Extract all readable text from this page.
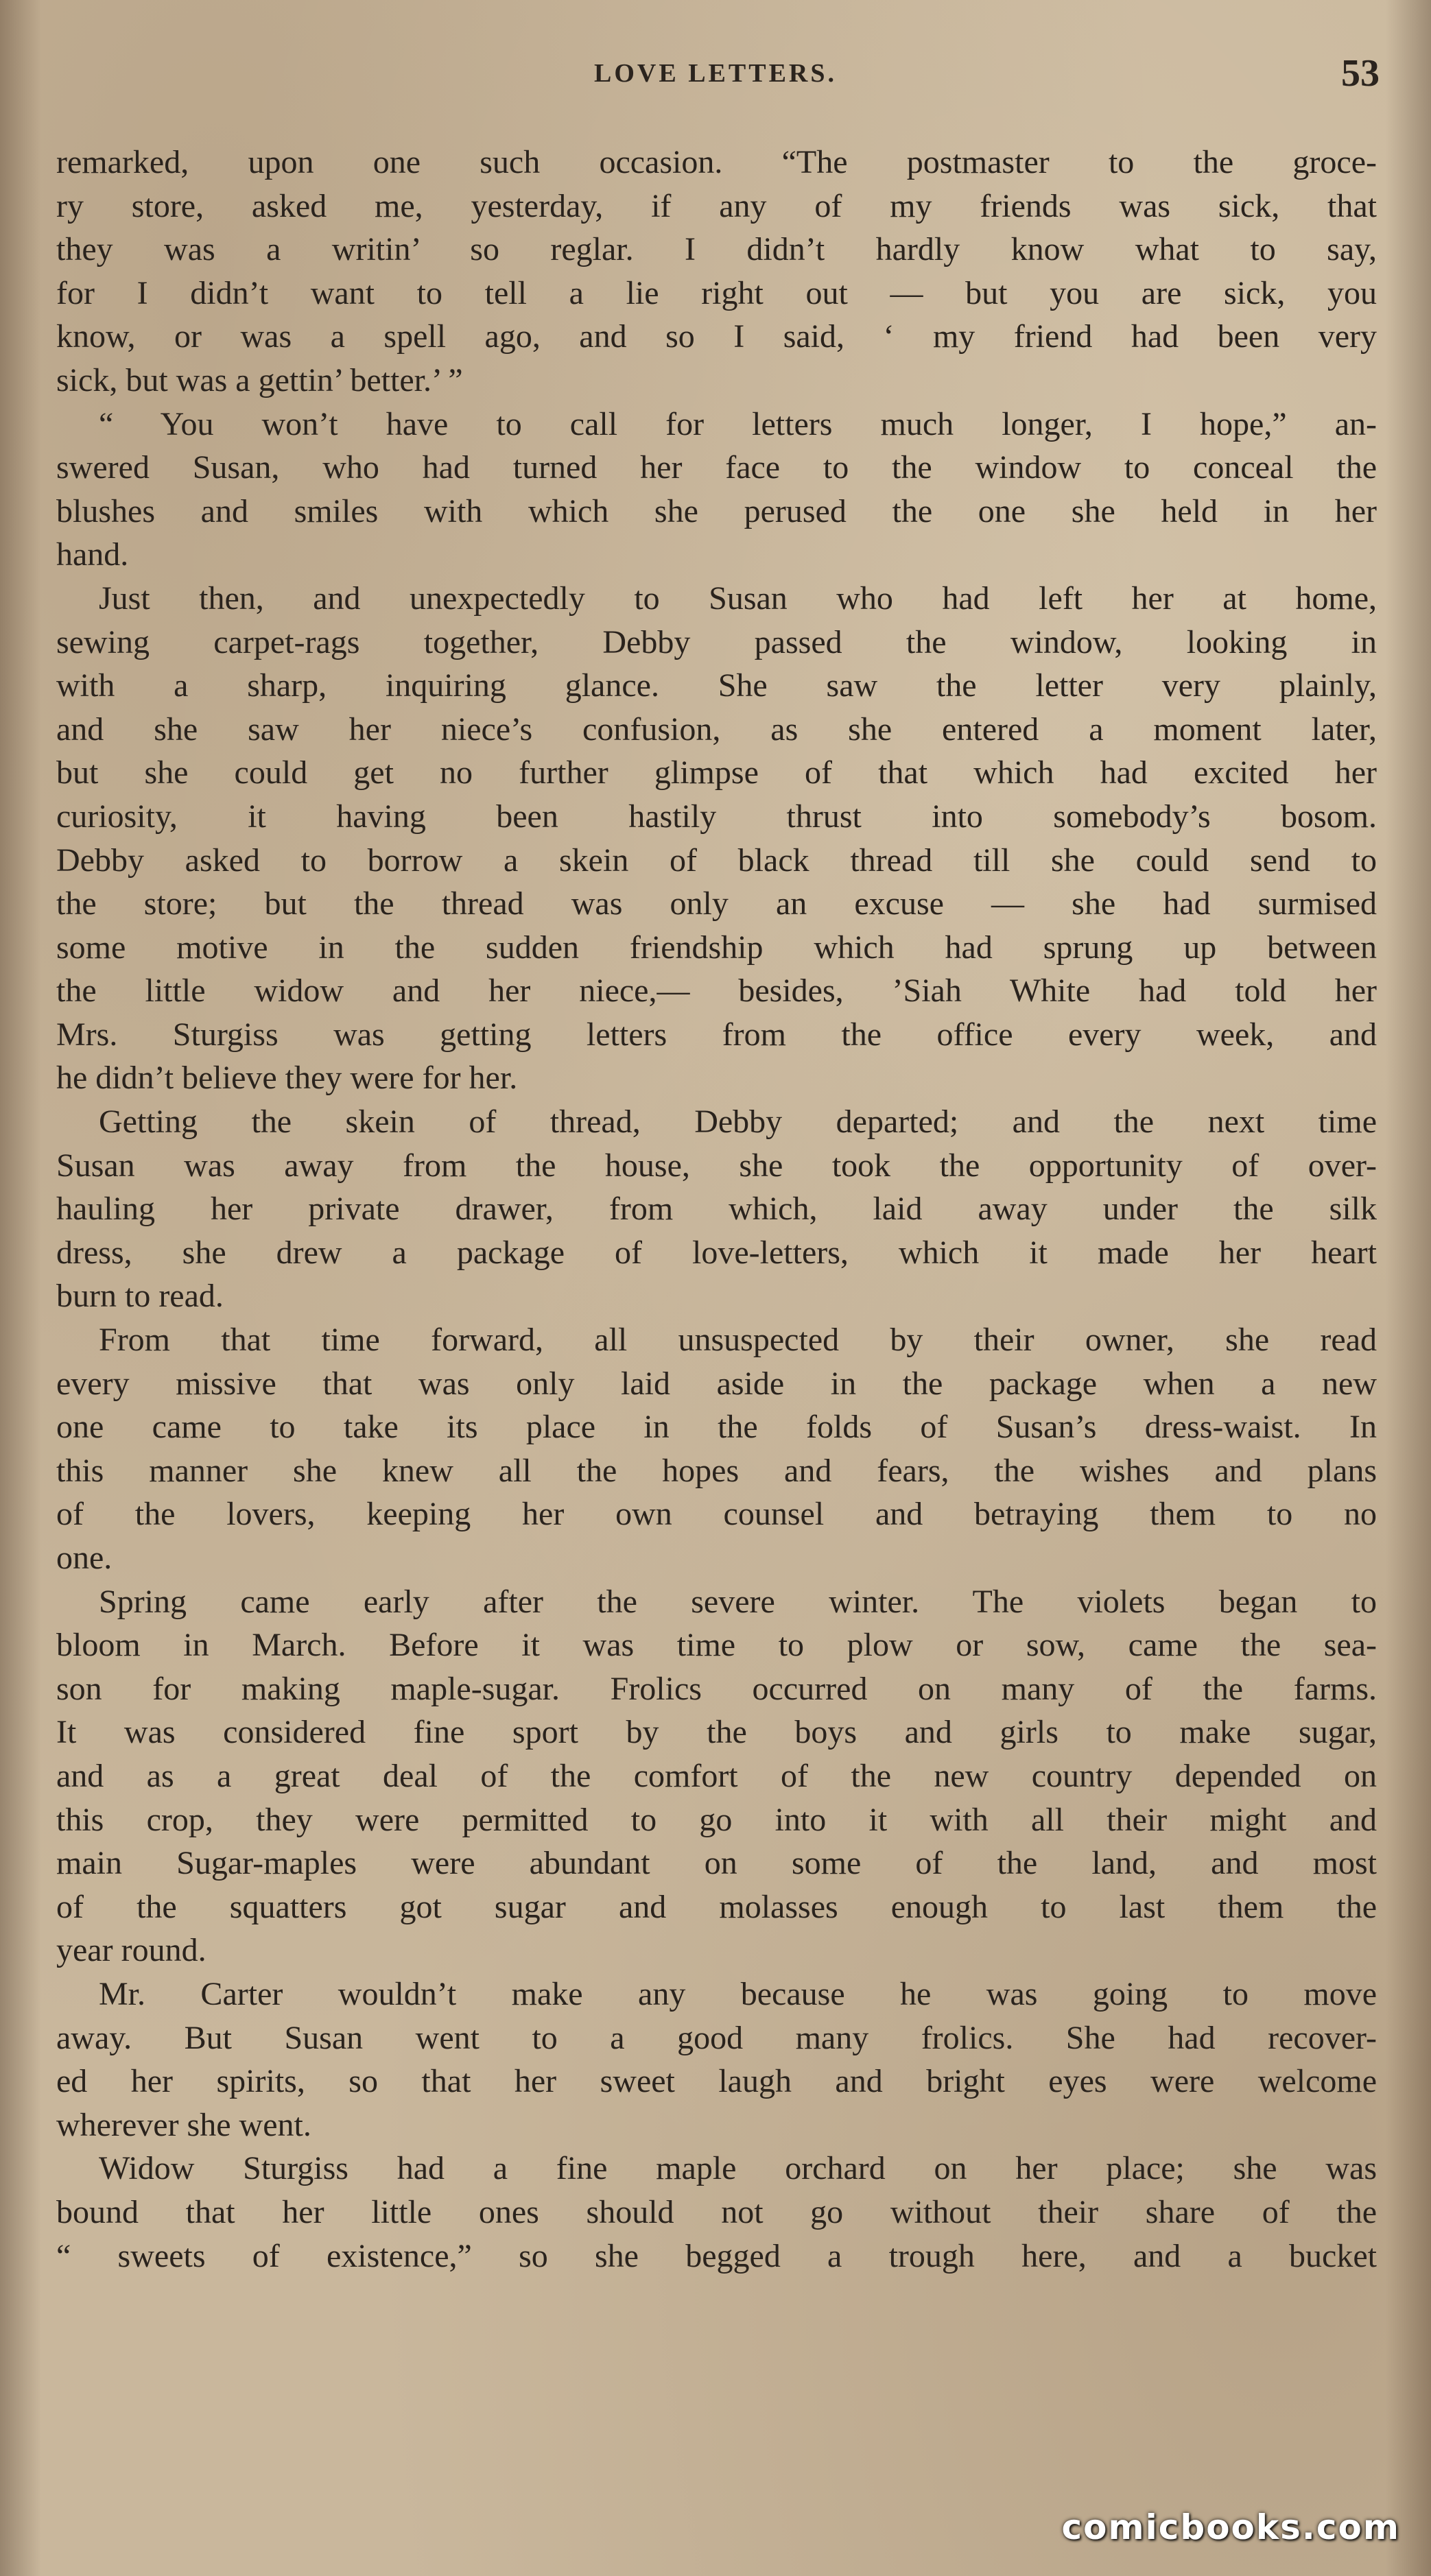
LOVE LETTERS.	53
remarked, upon one such occasion. “The postmaster to the groce-
ry store, asked me, yesterday, if any of my friends was sick, that
they was a writin’ so reglar. I didn’t hardly know what to say,
for I didn’t want to tell a lie right out — but you are sick, you
know, or was a spell ago, and so I said, ‘ my friend had been very
sick, but was a gettin’ better.’ ”
“ You won’t have to call for letters much longer, I hope,” an-
swered Susan, who had turned her face to the window to conceal the
blushes and smiles with which she perused the one she held in her
hand.
Just then, and unexpectedly to Susan who had left her at home,
sewing carpet-rags together, Debby passed the window, looking in
with a sharp, inquiring glance. She saw the letter very plainly,
and she saw her niece’s confusion, as she entered a moment later,
but she could get no further glimpse of that which had excited her
curiosity, it having been hastily thrust into somebody’s bosom.
Debby asked to borrow a skein of black thread till she could send to
the store; but the thread was only an excuse — she had surmised
some motive in the sudden friendship which had sprung up between
the little widow and her niece,— besides, ’Siah White had told her
Mrs. Sturgiss was getting letters from the office every week, and
he didn’t believe they were for her.
Getting the skein of thread, Debby departed; and the next time
Susan was away from the house, she took the opportunity of over-
hauling her private drawer, from which, laid away under the silk
dress, she drew a package of love-letters, which it made her heart
burn to read.
From that time forward, all unsuspected by their owner, she read
every missive that was only laid aside in the package when a new
one came to take its place in the folds of Susan’s dress-waist. In
this manner she knew all the hopes and fears, the wishes and plans
of the lovers, keeping her own counsel and betraying them to no
one.
Spring came early after the severe winter. The violets began to
bloom in March. Before it was time to plow or sow, came the sea-
son for making maple-sugar. Frolics occurred on many of the farms.
It was considered fine sport by the boys and girls to make sugar,
and as a great deal of the comfort of the new country depended on
this crop, they were permitted to go into it with all their might and
main Sugar-maples were abundant on some of the land, and most
of the squatters got sugar and molasses enough to last them the
year round.
Mr. Carter wouldn’t make any because he was going to move
away. But Susan went to a good many frolics. She had recover-
ed her spirits, so that her sweet laugh and bright eyes were welcome
wherever she went.
Widow Sturgiss had a fine maple orchard on her place; she was
bound that her little ones should not go without their share of the
“ sweets of existence,” so she begged a trough here, and a bucket
comicbooks.com
